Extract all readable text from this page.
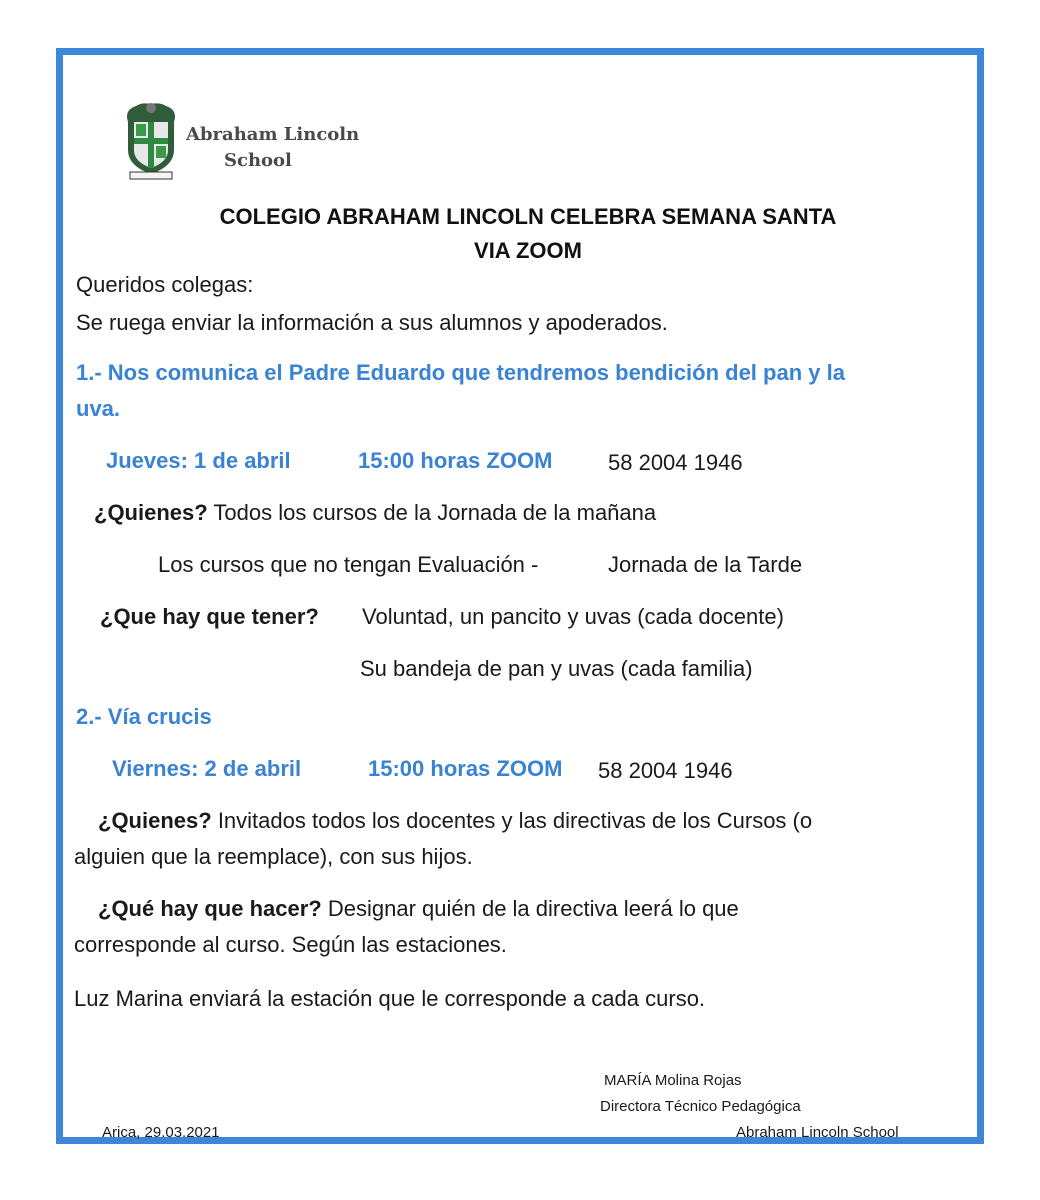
Abraham Lincoln
School
COLEGIO ABRAHAM LINCOLN CELEBRA SEMANA SANTA
VIA ZOOM
Queridos colegas:
Se ruega enviar la información a sus alumnos y apoderados.
1.- Nos comunica el Padre Eduardo que tendremos bendición del pan y la
uva.
Jueves: 1 de abril	15:00 horas ZOOM	58 2004 1946
¿Quienes? Todos los cursos de la Jornada de la mañana
Los cursos que no tengan Evaluación -	Jornada de la Tarde
¿Que hay que tener? Voluntad, un pancito y uvas (cada docente)
Su bandeja de pan y uvas (cada familia)
2.- Vía crucis
Viernes: 2 de abril	15:00 horas ZOOM 58 2004 1946
¿Quienes? Invitados todos los docentes y las directivas de los Cursos (o
alguien que la reemplace), con sus hijos.
¿Qué hay que hacer? Designar quién de la directiva leerá lo que
corresponde al curso. Según las estaciones.
Luz Marina enviará la estación que le corresponde a cada curso.
MARÍA Molina Rojas
Directora Técnico Pedagógica
Abraham Lincoln School
Arica, 29.03.2021
